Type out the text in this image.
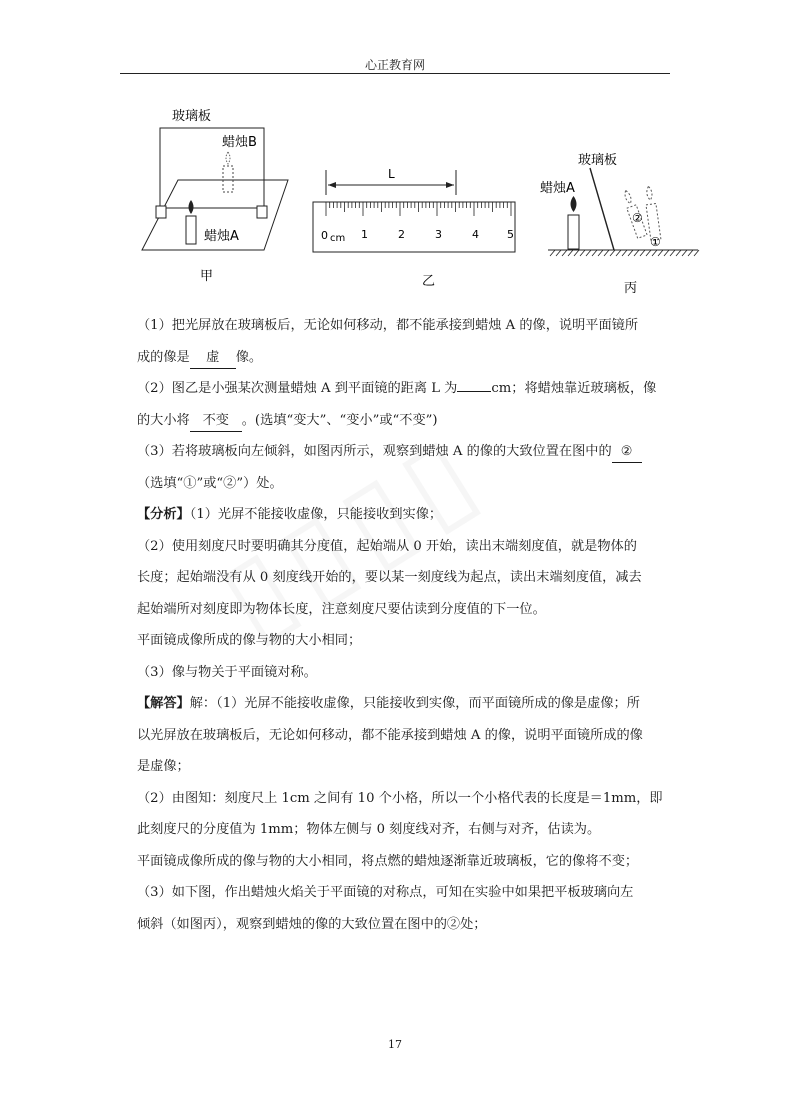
心正教育网
玻璃板
蜡烛B
蜡烛A
甲
L
0 cm 1	2	3	4	5
乙
玻璃板
蜡烛A
②
①
丙

（1）把光屏放在玻璃板后，无论如何移动，都不能承接到蜡烛 A 的像，说明平面镜所

成的像是 虚 像。

（2）图乙是小强某次测量蜡烛 A 到平面镜的距离 L 为	cm；将蜡烛靠近玻璃板，像

的大小将 不变 。(选填“变大”、“变小”或“不变”)

（3）若将玻璃板向左倾斜，如图丙所示，观察到蜡烛 A 的像的大致位置在图中的 ②

（选填“①”或“②”）处。

【分析】（1）光屏不能接收虚像，只能接收到实像；

（2）使用刻度尺时要明确其分度值，起始端从 0 开始，读出末端刻度值，就是物体的

长度；起始端没有从 0 刻度线开始的，要以某一刻度线为起点，读出末端刻度值，减去

起始端所对刻度即为物体长度，注意刻度尺要估读到分度值的下一位。

平面镜成像所成的像与物的大小相同；

（3）像与物关于平面镜对称。

【解答】解：（1）光屏不能接收虚像，只能接收到实像，而平面镜所成的像是虚像；所

以光屏放在玻璃板后，无论如何移动，都不能承接到蜡烛 A 的像，说明平面镜所成的像

是虚像；

（2）由图知：刻度尺上 1cm 之间有 10 个小格，所以一个小格代表的长度是＝1mm，即

此刻度尺的分度值为 1mm；物体左侧与 0 刻度线对齐，右侧与对齐，估读为。

平面镜成像所成的像与物的大小相同，将点燃的蜡烛逐渐靠近玻璃板，它的像将不变；

（3）如下图，作出蜡烛火焰关于平面镜的对称点，可知在实验中如果把平板玻璃向左

倾斜（如图丙），观察到蜡烛的像的大致位置在图中的②处；

17
